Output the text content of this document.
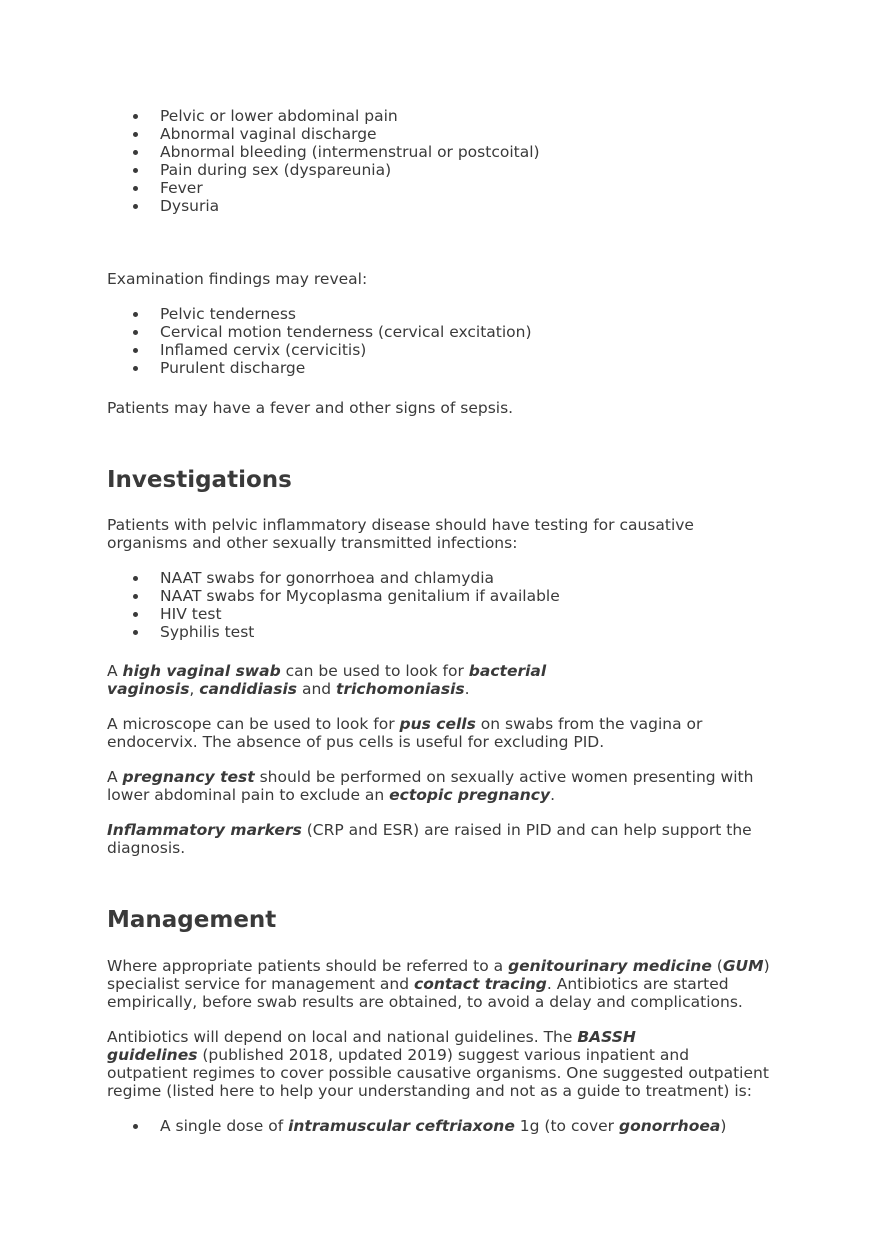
Pelvic or lower abdominal pain
Abnormal vaginal discharge
Abnormal bleeding (intermenstrual or postcoital)
Pain during sex (dyspareunia)
Fever
Dysuria

Examination findings may reveal:

Pelvic tenderness
Cervical motion tenderness (cervical excitation)
Inflamed cervix (cervicitis)
Purulent discharge

Patients may have a fever and other signs of sepsis.

Investigations
Patients with pelvic inflammatory disease should have testing for causative
organisms and other sexually transmitted infections:
NAAT swabs for gonorrhoea and chlamydia
NAAT swabs for Mycoplasma genitalium if available
HIV test
Syphilis test
A high vaginal swab can be used to look for bacterial
vaginosis, candidiasis and trichomoniasis.
A microscope can be used to look for pus cells on swabs from the vagina or
endocervix. The absence of pus cells is useful for excluding PID.
A pregnancy test should be performed on sexually active women presenting with
lower abdominal pain to exclude an ectopic pregnancy.
Inflammatory markers (CRP and ESR) are raised in PID and can help support the
diagnosis.
Management
Where appropriate patients should be referred to a genitourinary medicine (GUM)
specialist service for management and contact tracing. Antibiotics are started
empirically, before swab results are obtained, to avoid a delay and complications.
Antibiotics will depend on local and national guidelines. The BASSH
guidelines (published 2018, updated 2019) suggest various inpatient and
outpatient regimes to cover possible causative organisms. One suggested outpatient
regime (listed here to help your understanding and not as a guide to treatment) is:
A single dose of intramuscular ceftriaxone 1g (to cover gonorrhoea)
